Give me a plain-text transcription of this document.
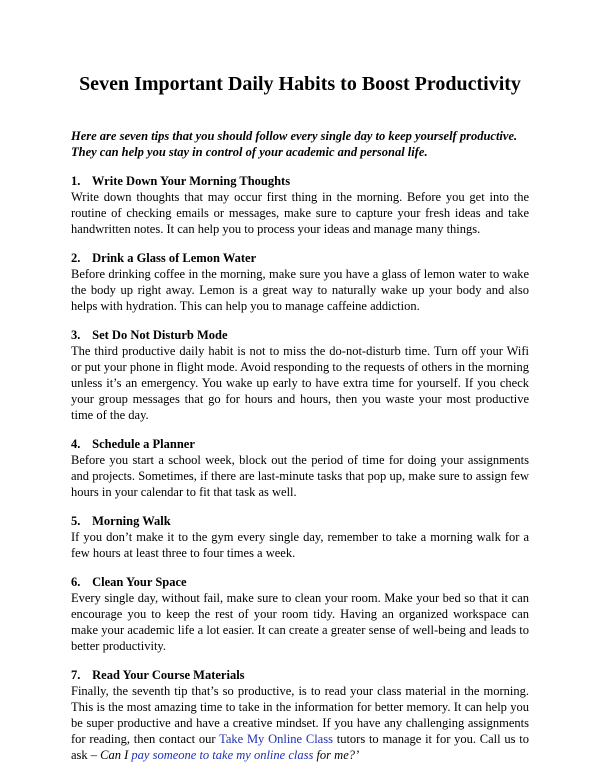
Seven Important Daily Habits to Boost Productivity

Here are seven tips that you should follow every single day to keep yourself productive. They can help you stay in control of your academic and personal life.

1. Write Down Your Morning Thoughts

Write down thoughts that may occur first thing in the morning. Before you get into the routine of checking emails or messages, make sure to capture your fresh ideas and take handwritten notes. It can help you to process your ideas and manage many things.

2. Drink a Glass of Lemon Water

Before drinking coffee in the morning, make sure you have a glass of lemon water to wake the body up right away. Lemon is a great way to naturally wake up your body and also helps with hydration. This can help you to manage caffeine addiction.

3. Set Do Not Disturb Mode

The third productive daily habit is not to miss the do-not-disturb time. Turn off your Wifi or put your phone in flight mode. Avoid responding to the requests of others in the morning unless it’s an emergency. You wake up early to have extra time for yourself. If you check your group messages that go for hours and hours, then you waste your most productive time of the day.

4. Schedule a Planner

Before you start a school week, block out the period of time for doing your assignments and projects. Sometimes, if there are last-minute tasks that pop up, make sure to assign few hours in your calendar to fit that task as well.

5. Morning Walk

If you don’t make it to the gym every single day, remember to take a morning walk for a few hours at least three to four times a week.

6. Clean Your Space

Every single day, without fail, make sure to clean your room. Make your bed so that it can encourage you to keep the rest of your room tidy. Having an organized workspace can make your academic life a lot easier. It can create a greater sense of well-being and leads to better productivity.

7. Read Your Course Materials

Finally, the seventh tip that’s so productive, is to read your class material in the morning. This is the most amazing time to take in the information for better memory. It can help you be super productive and have a creative mindset. If you have any challenging assignments for reading, then contact our Take My Online Class tutors to manage it for you. Call us to ask – Can I pay someone to take my online class for me?’
